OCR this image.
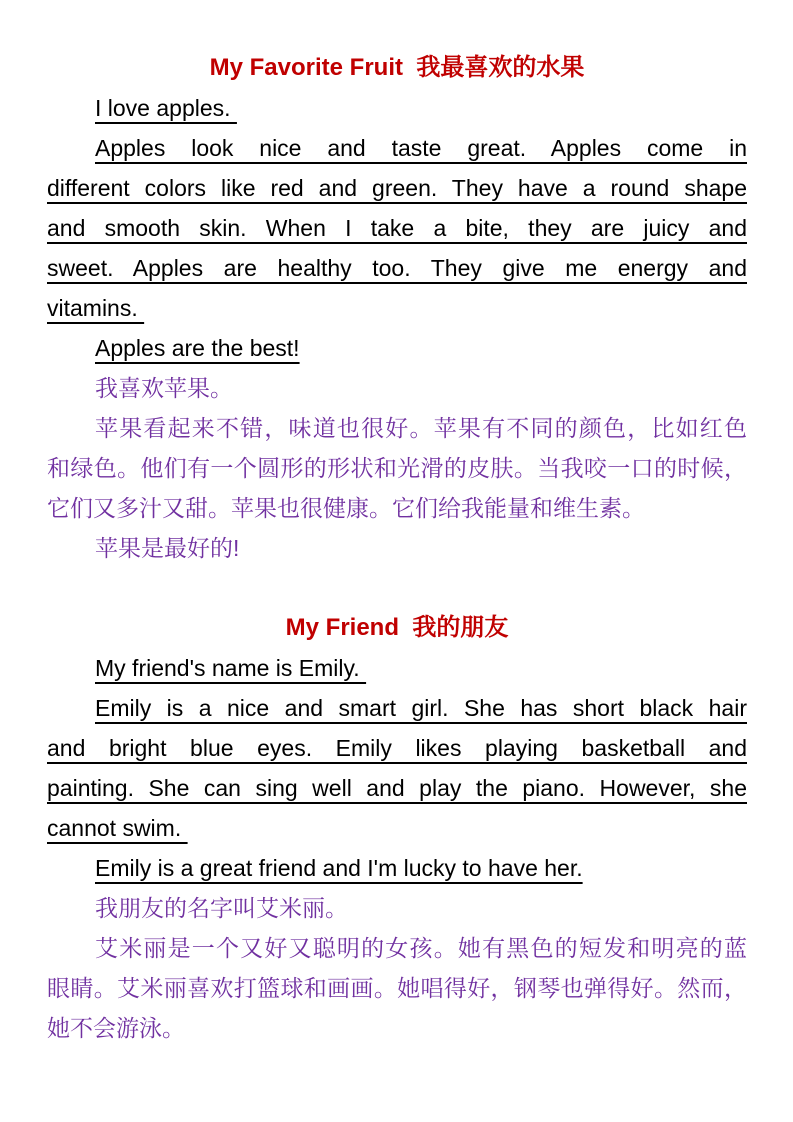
My Favorite Fruit  我最喜欢的水果
I love apples.
Apples look nice and taste great. Apples come in
different colors like red and green. They have a round shape
and smooth skin. When I take a bite, they are juicy and
sweet. Apples are healthy too. They give me energy and
vitamins.
Apples are the best!
我喜欢苹果。
苹果看起来不错，味道也很好。苹果有不同的颜色，比如红色
和绿色。他们有一个圆形的形状和光滑的皮肤。当我咬一口的时候，
它们又多汁又甜。苹果也很健康。它们给我能量和维生素。
苹果是最好的!
My Friend  我的朋友
My friend's name is Emily.
Emily is a nice and smart girl. She has short black hair
and bright blue eyes. Emily likes playing basketball and
painting. She can sing well and play the piano. However, she
cannot swim.
Emily is a great friend and I'm lucky to have her.
我朋友的名字叫艾米丽。
艾米丽是一个又好又聪明的女孩。她有黑色的短发和明亮的蓝
眼睛。艾米丽喜欢打篮球和画画。她唱得好，钢琴也弹得好。然而，
她不会游泳。
